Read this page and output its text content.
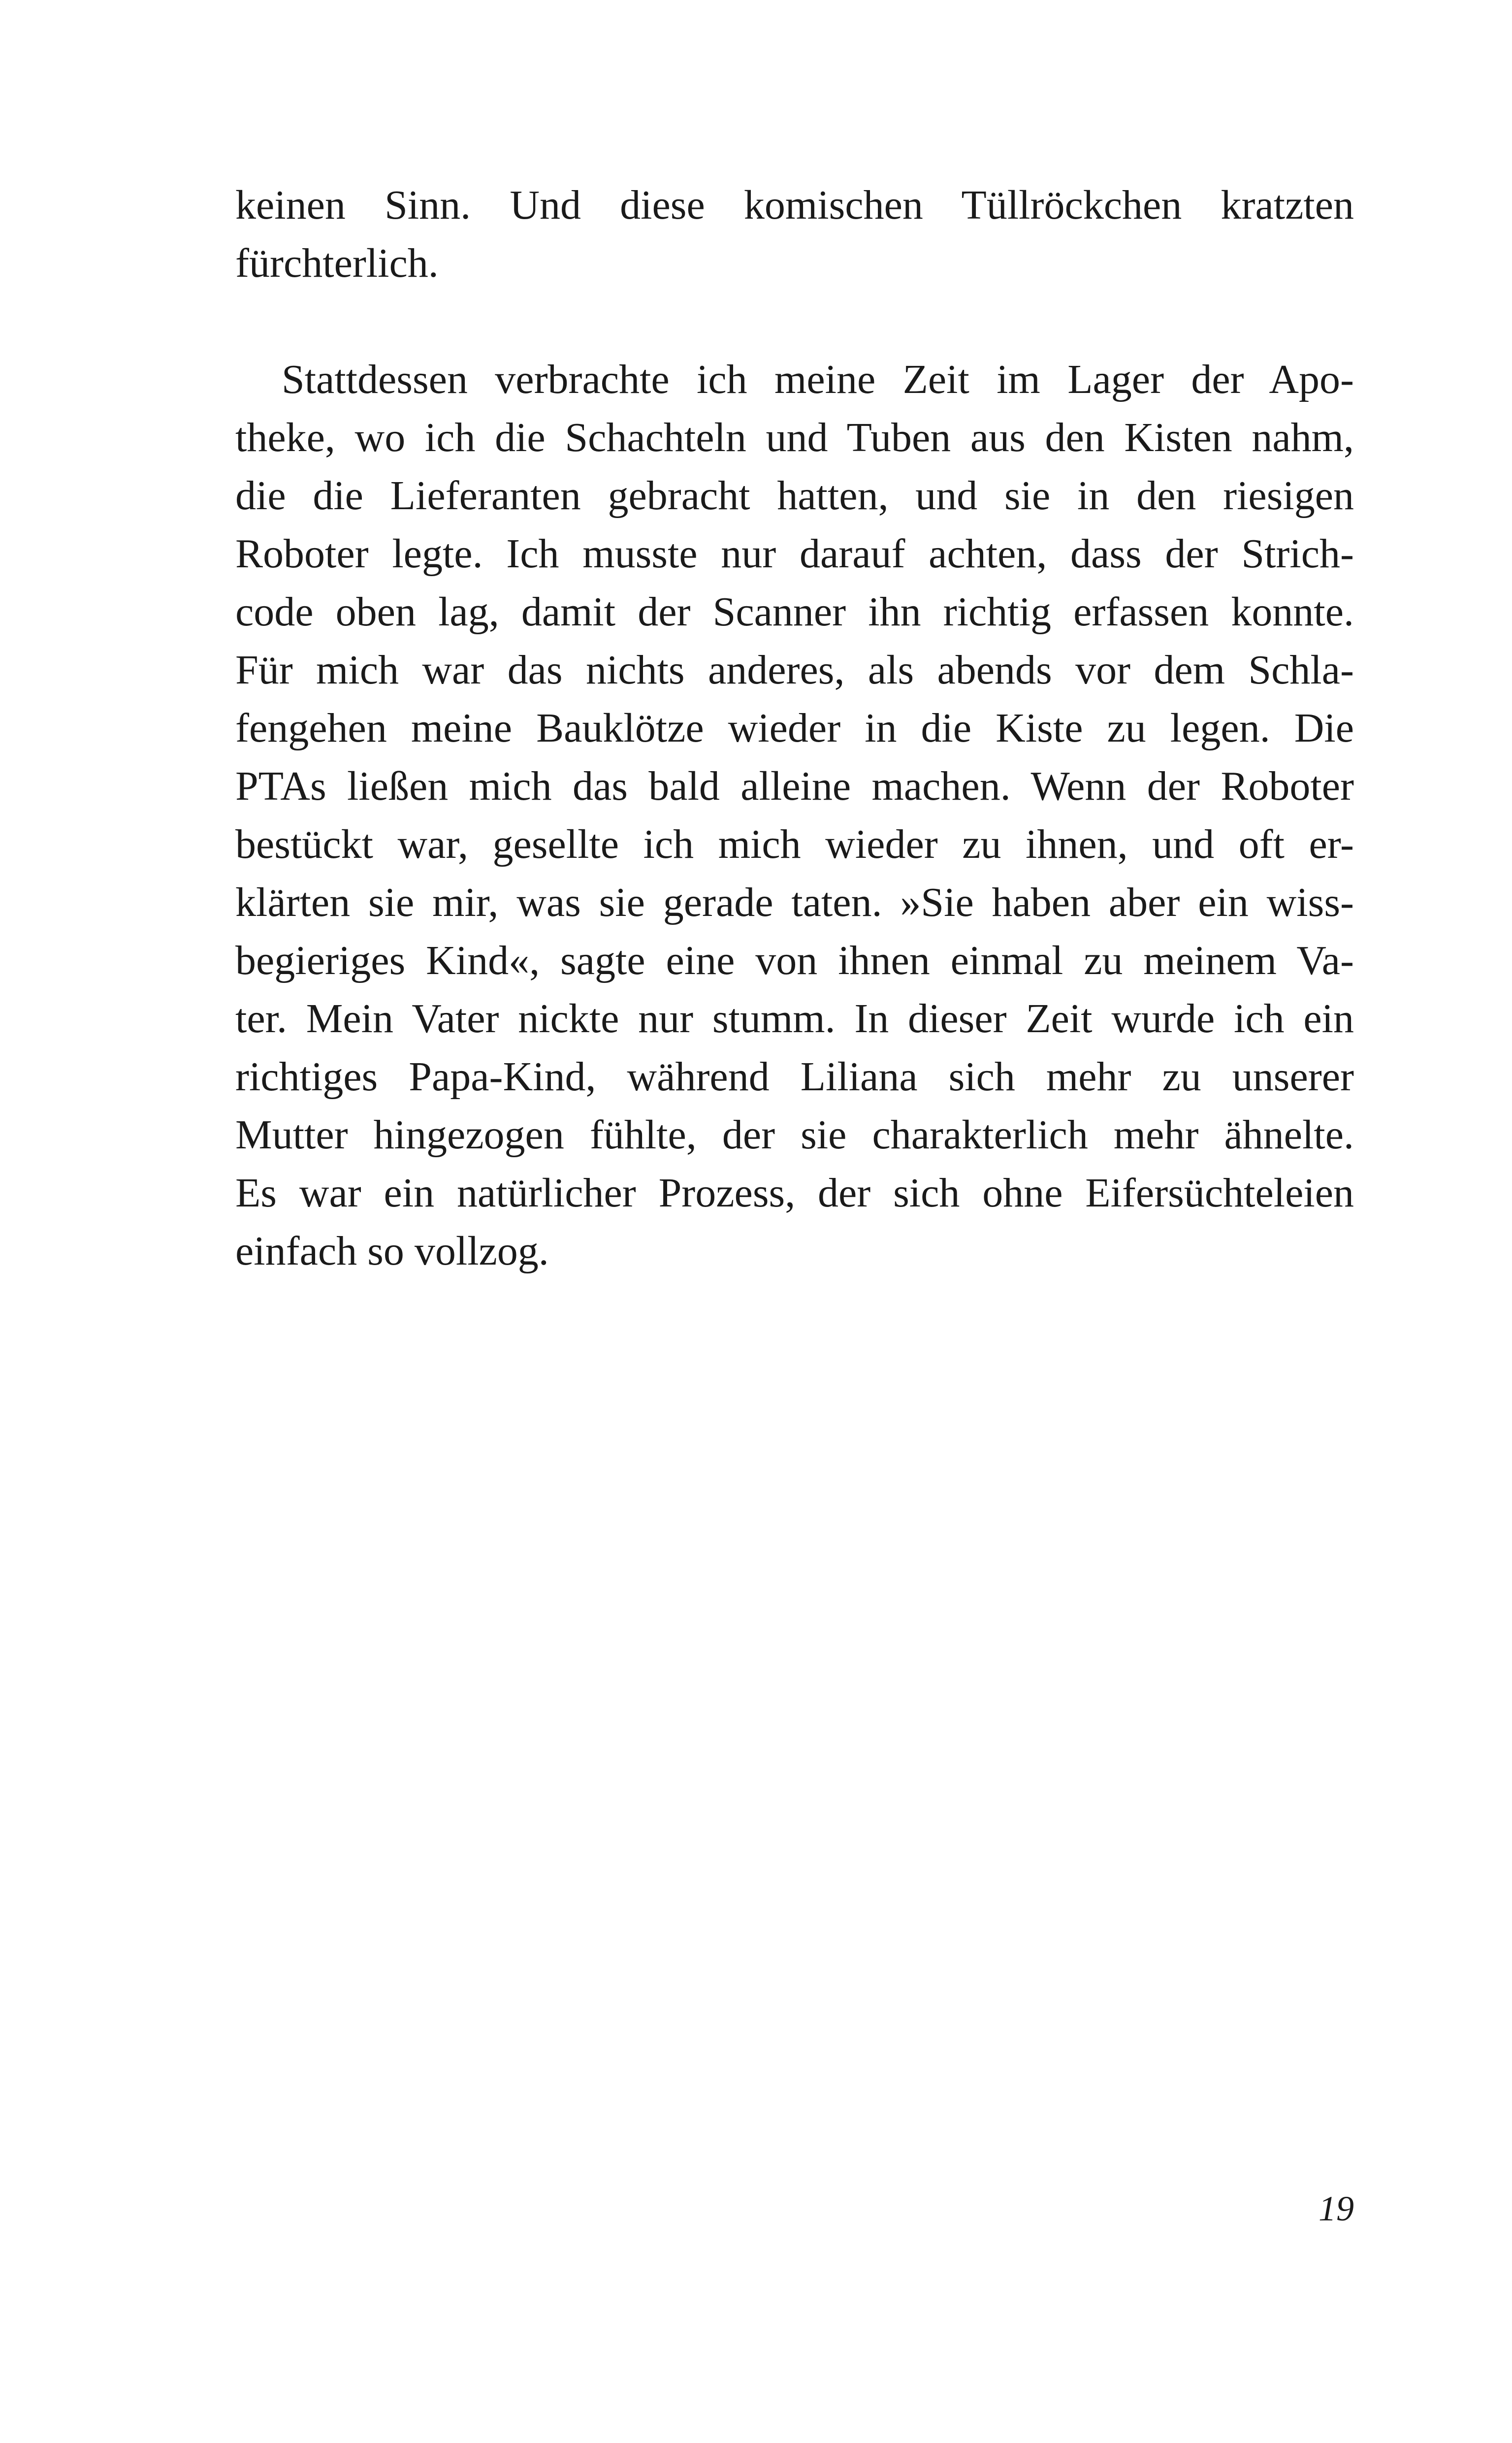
keinen Sinn. Und diese komischen Tüllröckchen kratzten
fürchterlich.
Stattdessen verbrachte ich meine Zeit im Lager der Apo-
theke, wo ich die Schachteln und Tuben aus den Kisten nahm,
die die Lieferanten gebracht hatten, und sie in den riesigen
Roboter legte. Ich musste nur darauf achten, dass der Strich-
code oben lag, damit der Scanner ihn richtig erfassen konnte.
Für mich war das nichts anderes, als abends vor dem Schla-
fengehen meine Bauklötze wieder in die Kiste zu legen. Die
PTAs ließen mich das bald alleine machen. Wenn der Roboter
bestückt war, gesellte ich mich wieder zu ihnen, und oft er-
klärten sie mir, was sie gerade taten. »Sie haben aber ein wiss-
begieriges Kind«, sagte eine von ihnen einmal zu meinem Va-
ter. Mein Vater nickte nur stumm. In dieser Zeit wurde ich ein
richtiges Papa-Kind, während Liliana sich mehr zu unserer
Mutter hingezogen fühlte, der sie charakterlich mehr ähnelte.
Es war ein natürlicher Prozess, der sich ohne Eifersüchteleien
einfach so vollzog.
19
